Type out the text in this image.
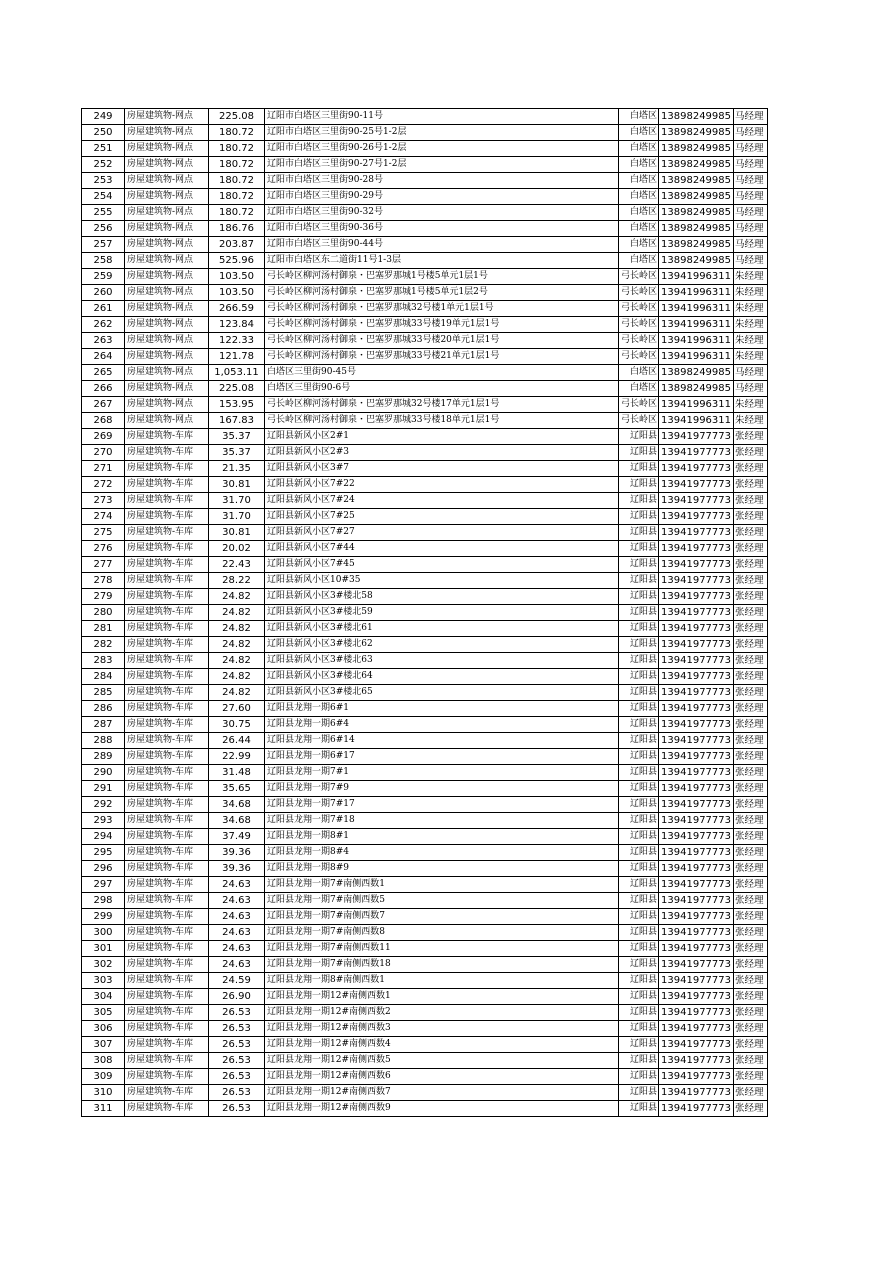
249	房屋建筑物-网点	225.08	辽阳市白塔区三里街90-11号	白塔区	13898249985	马经理
250	房屋建筑物-网点	180.72	辽阳市白塔区三里街90-25号1-2层	白塔区	13898249985	马经理
251	房屋建筑物-网点	180.72	辽阳市白塔区三里街90-26号1-2层	白塔区	13898249985	马经理
252	房屋建筑物-网点	180.72	辽阳市白塔区三里街90-27号1-2层	白塔区	13898249985	马经理
253	房屋建筑物-网点	180.72	辽阳市白塔区三里街90-28号	白塔区	13898249985	马经理
254	房屋建筑物-网点	180.72	辽阳市白塔区三里街90-29号	白塔区	13898249985	马经理
255	房屋建筑物-网点	180.72	辽阳市白塔区三里街90-32号	白塔区	13898249985	马经理
256	房屋建筑物-网点	186.76	辽阳市白塔区三里街90-36号	白塔区	13898249985	马经理
257	房屋建筑物-网点	203.87	辽阳市白塔区三里街90-44号	白塔区	13898249985	马经理
258	房屋建筑物-网点	525.96	辽阳市白塔区东二道街11号1-3层	白塔区	13898249985	马经理
259	房屋建筑物-网点	103.50	弓长岭区柳河汤村御泉・巴塞罗那城1号楼5单元1层1号	弓长岭区	13941996311	朱经理
260	房屋建筑物-网点	103.50	弓长岭区柳河汤村御泉・巴塞罗那城1号楼5单元1层2号	弓长岭区	13941996311	朱经理
261	房屋建筑物-网点	266.59	弓长岭区柳河汤村御泉・巴塞罗那城32号楼1单元1层1号	弓长岭区	13941996311	朱经理
262	房屋建筑物-网点	123.84	弓长岭区柳河汤村御泉・巴塞罗那城33号楼19单元1层1号	弓长岭区	13941996311	朱经理
263	房屋建筑物-网点	122.33	弓长岭区柳河汤村御泉・巴塞罗那城33号楼20单元1层1号	弓长岭区	13941996311	朱经理
264	房屋建筑物-网点	121.78	弓长岭区柳河汤村御泉・巴塞罗那城33号楼21单元1层1号	弓长岭区	13941996311	朱经理
265	房屋建筑物-网点	1,053.11	白塔区三里街90-45号	白塔区	13898249985	马经理
266	房屋建筑物-网点	225.08	白塔区三里街90-6号	白塔区	13898249985	马经理
267	房屋建筑物-网点	153.95	弓长岭区柳河汤村御泉・巴塞罗那城32号楼17单元1层1号	弓长岭区	13941996311	朱经理
268	房屋建筑物-网点	167.83	弓长岭区柳河汤村御泉・巴塞罗那城33号楼18单元1层1号	弓长岭区	13941996311	朱经理
269	房屋建筑物-车库	35.37	辽阳县新风小区2#1	辽阳县	13941977773	张经理
270	房屋建筑物-车库	35.37	辽阳县新风小区2#3	辽阳县	13941977773	张经理
271	房屋建筑物-车库	21.35	辽阳县新风小区3#7	辽阳县	13941977773	张经理
272	房屋建筑物-车库	30.81	辽阳县新风小区7#22	辽阳县	13941977773	张经理
273	房屋建筑物-车库	31.70	辽阳县新风小区7#24	辽阳县	13941977773	张经理
274	房屋建筑物-车库	31.70	辽阳县新风小区7#25	辽阳县	13941977773	张经理
275	房屋建筑物-车库	30.81	辽阳县新风小区7#27	辽阳县	13941977773	张经理
276	房屋建筑物-车库	20.02	辽阳县新风小区7#44	辽阳县	13941977773	张经理
277	房屋建筑物-车库	22.43	辽阳县新风小区7#45	辽阳县	13941977773	张经理
278	房屋建筑物-车库	28.22	辽阳县新风小区10#35	辽阳县	13941977773	张经理
279	房屋建筑物-车库	24.82	辽阳县新风小区3#楼北58	辽阳县	13941977773	张经理
280	房屋建筑物-车库	24.82	辽阳县新风小区3#楼北59	辽阳县	13941977773	张经理
281	房屋建筑物-车库	24.82	辽阳县新风小区3#楼北61	辽阳县	13941977773	张经理
282	房屋建筑物-车库	24.82	辽阳县新风小区3#楼北62	辽阳县	13941977773	张经理
283	房屋建筑物-车库	24.82	辽阳县新风小区3#楼北63	辽阳县	13941977773	张经理
284	房屋建筑物-车库	24.82	辽阳县新风小区3#楼北64	辽阳县	13941977773	张经理
285	房屋建筑物-车库	24.82	辽阳县新风小区3#楼北65	辽阳县	13941977773	张经理
286	房屋建筑物-车库	27.60	辽阳县龙翔一期6#1	辽阳县	13941977773	张经理
287	房屋建筑物-车库	30.75	辽阳县龙翔一期6#4	辽阳县	13941977773	张经理
288	房屋建筑物-车库	26.44	辽阳县龙翔一期6#14	辽阳县	13941977773	张经理
289	房屋建筑物-车库	22.99	辽阳县龙翔一期6#17	辽阳县	13941977773	张经理
290	房屋建筑物-车库	31.48	辽阳县龙翔一期7#1	辽阳县	13941977773	张经理
291	房屋建筑物-车库	35.65	辽阳县龙翔一期7#9	辽阳县	13941977773	张经理
292	房屋建筑物-车库	34.68	辽阳县龙翔一期7#17	辽阳县	13941977773	张经理
293	房屋建筑物-车库	34.68	辽阳县龙翔一期7#18	辽阳县	13941977773	张经理
294	房屋建筑物-车库	37.49	辽阳县龙翔一期8#1	辽阳县	13941977773	张经理
295	房屋建筑物-车库	39.36	辽阳县龙翔一期8#4	辽阳县	13941977773	张经理
296	房屋建筑物-车库	39.36	辽阳县龙翔一期8#9	辽阳县	13941977773	张经理
297	房屋建筑物-车库	24.63	辽阳县龙翔一期7#南侧西数1	辽阳县	13941977773	张经理
298	房屋建筑物-车库	24.63	辽阳县龙翔一期7#南侧西数5	辽阳县	13941977773	张经理
299	房屋建筑物-车库	24.63	辽阳县龙翔一期7#南侧西数7	辽阳县	13941977773	张经理
300	房屋建筑物-车库	24.63	辽阳县龙翔一期7#南侧西数8	辽阳县	13941977773	张经理
301	房屋建筑物-车库	24.63	辽阳县龙翔一期7#南侧西数11	辽阳县	13941977773	张经理
302	房屋建筑物-车库	24.63	辽阳县龙翔一期7#南侧西数18	辽阳县	13941977773	张经理
303	房屋建筑物-车库	24.59	辽阳县龙翔一期8#南侧西数1	辽阳县	13941977773	张经理
304	房屋建筑物-车库	26.90	辽阳县龙翔一期12#南侧西数1	辽阳县	13941977773	张经理
305	房屋建筑物-车库	26.53	辽阳县龙翔一期12#南侧西数2	辽阳县	13941977773	张经理
306	房屋建筑物-车库	26.53	辽阳县龙翔一期12#南侧西数3	辽阳县	13941977773	张经理
307	房屋建筑物-车库	26.53	辽阳县龙翔一期12#南侧西数4	辽阳县	13941977773	张经理
308	房屋建筑物-车库	26.53	辽阳县龙翔一期12#南侧西数5	辽阳县	13941977773	张经理
309	房屋建筑物-车库	26.53	辽阳县龙翔一期12#南侧西数6	辽阳县	13941977773	张经理
310	房屋建筑物-车库	26.53	辽阳县龙翔一期12#南侧西数7	辽阳县	13941977773	张经理
311	房屋建筑物-车库	26.53	辽阳县龙翔一期12#南侧西数9	辽阳县	13941977773	张经理
